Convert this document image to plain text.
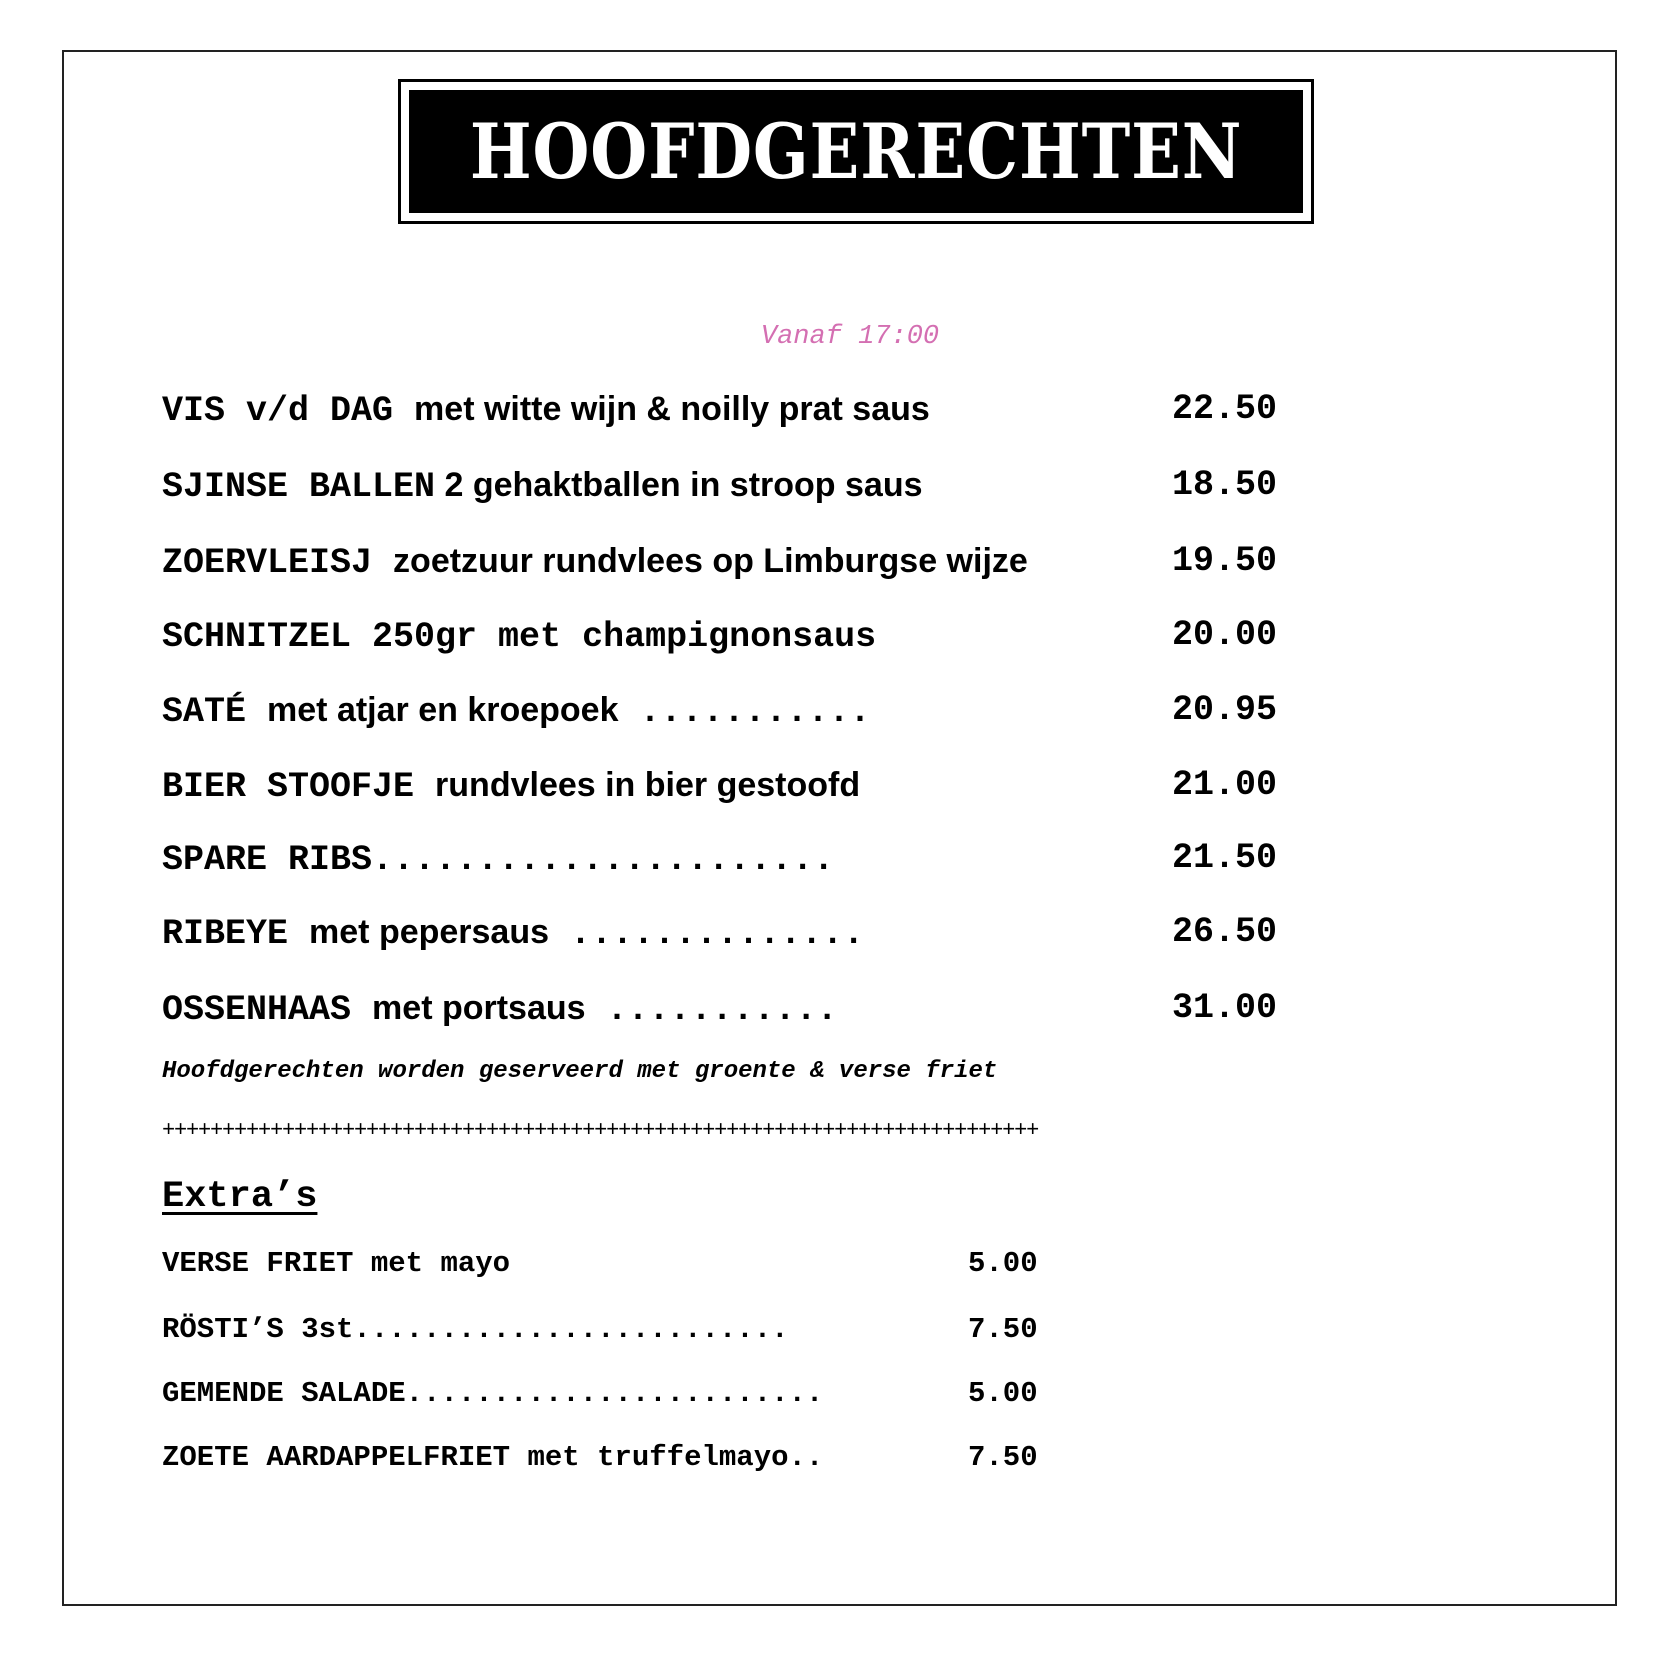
HOOFDGERECHTEN
Vanaf 17:00
VIS v/d DAG met witte wijn & noilly prat saus	22.50
SJINSE BALLEN 2 gehaktballen in stroop saus	18.50
ZOERVLEISJ zoetzuur rundvlees op Limburgse wijze	19.50
SCHNITZEL 250gr met champignonsaus	20.00
SATÉ met atjar en kroepoek ...........	20.95
BIER STOOFJE rundvlees in bier gestoofd	21.00
SPARE RIBS......................	21.50
RIBEYE met pepersaus ..............	26.50
OSSENHAAS met portsaus ...........	31.00
Hoofdgerechten worden geserveerd met groente & verse friet
+++++++++++++++++++++++++++++++++++++++++++++++++++++++++++++++++++++++++
Extra’s
VERSE FRIET met mayo	5.00
RÖSTI’S 3st.........................	7.50
GEMENDE SALADE........................	5.00
ZOETE AARDAPPELFRIET met truffelmayo..	7.50
